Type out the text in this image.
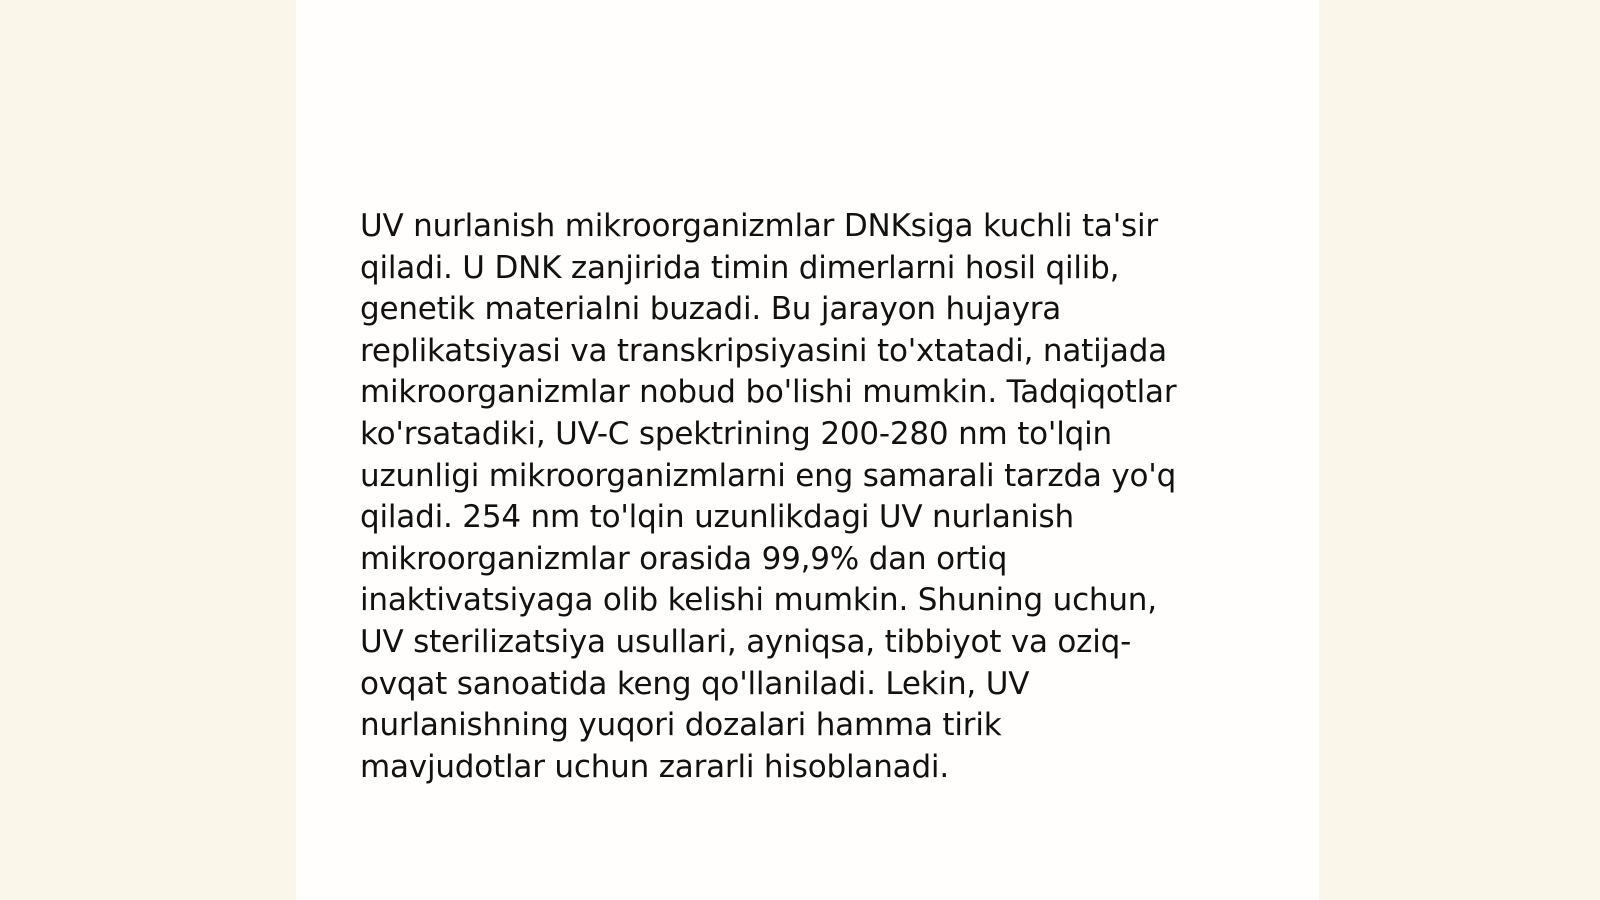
UV nurlanish mikroorganizmlar DNKsiga kuchli ta'sir
qiladi. U DNK zanjirida timin dimerlarni hosil qilib,
genetik materialni buzadi. Bu jarayon hujayra
replikatsiyasi va transkripsiyasini to'xtatadi, natijada
mikroorganizmlar nobud bo'lishi mumkin. Tadqiqotlar
ko'rsatadiki, UV-C spektrining 200-280 nm to'lqin
uzunligi mikroorganizmlarni eng samarali tarzda yo'q
qiladi. 254 nm to'lqin uzunlikdagi UV nurlanish
mikroorganizmlar orasida 99,9% dan ortiq
inaktivatsiyaga olib kelishi mumkin. Shuning uchun,
UV sterilizatsiya usullari, ayniqsa, tibbiyot va oziq-
ovqat sanoatida keng qo'llaniladi. Lekin, UV
nurlanishning yuqori dozalari hamma tirik
mavjudotlar uchun zararli hisoblanadi.
